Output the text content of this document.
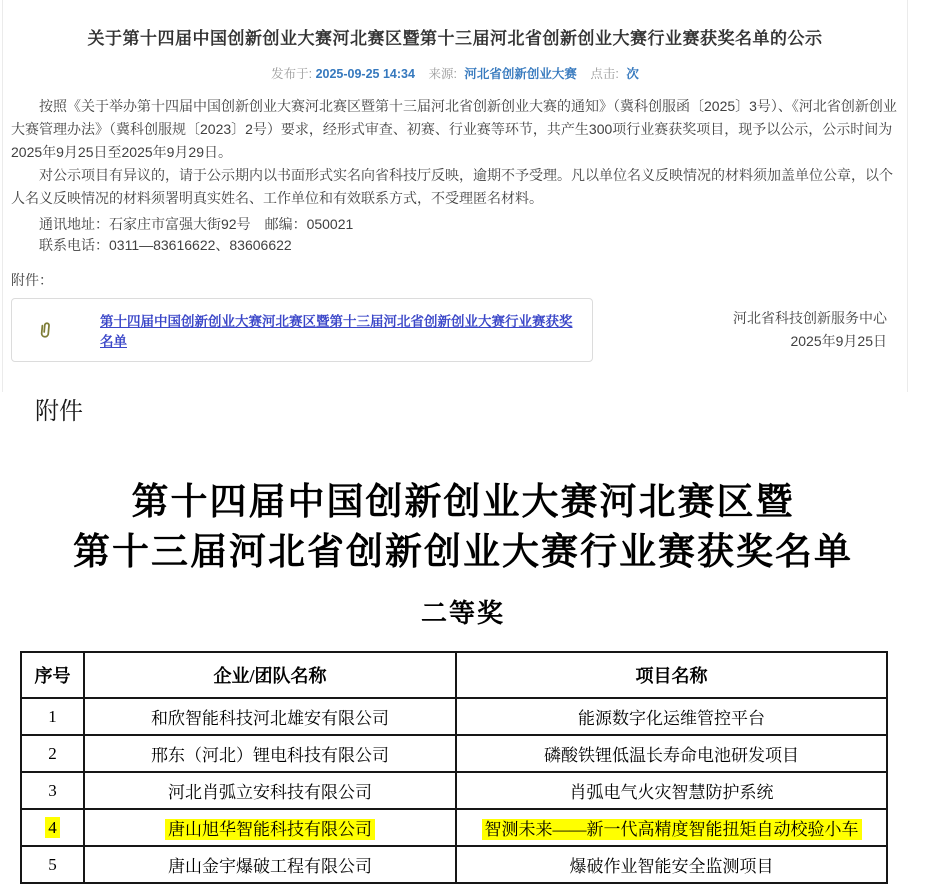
关于第十四届中国创新创业大赛河北赛区暨第十三届河北省创新创业大赛行业赛获奖名单的公示
发布于: 2025-09-25 14:34 来源: 河北省创新创业大赛 点击: 次

按照《关于举办第十四届中国创新创业大赛河北赛区暨第十三届河北省创新创业大赛的通知》（冀科创服函〔2025〕3号）、《河北省创新创业大赛管理办法》（冀科创服规〔2023〕2号）要求，经形式审查、初赛、行业赛等环节，共产生300项行业赛获奖项目，现予以公示，公示时间为2025年9月25日至2025年9月29日。

对公示项目有异议的，请于公示期内以书面形式实名向省科技厅反映，逾期不予受理。凡以单位名义反映情况的材料须加盖单位公章，以个人名义反映情况的材料须署明真实姓名、工作单位和有效联系方式，不受理匿名材料。

通讯地址：石家庄市富强大街92号　邮编：050021

联系电话：0311—83616622、83606622

附件：
第十四届中国创新创业大赛河北赛区暨第十三届河北省创新创业大赛行业赛获奖名单
河北省科技创新服务中心
2025年9月25日
附件
第十四届中国创新创业大赛河北赛区暨
第十三届河北省创新创业大赛行业赛获奖名单
二等奖
序号	企业/团队名称	项目名称
1	和欣智能科技河北雄安有限公司	能源数字化运维管控平台
2	邢东（河北）锂电科技有限公司	磷酸铁锂低温长寿命电池研发项目
3	河北肖弧立安科技有限公司	肖弧电气火灾智慧防护系统
4	唐山旭华智能科技有限公司	智测未来——新一代高精度智能扭矩自动校验小车
5	唐山金宇爆破工程有限公司	爆破作业智能安全监测项目
